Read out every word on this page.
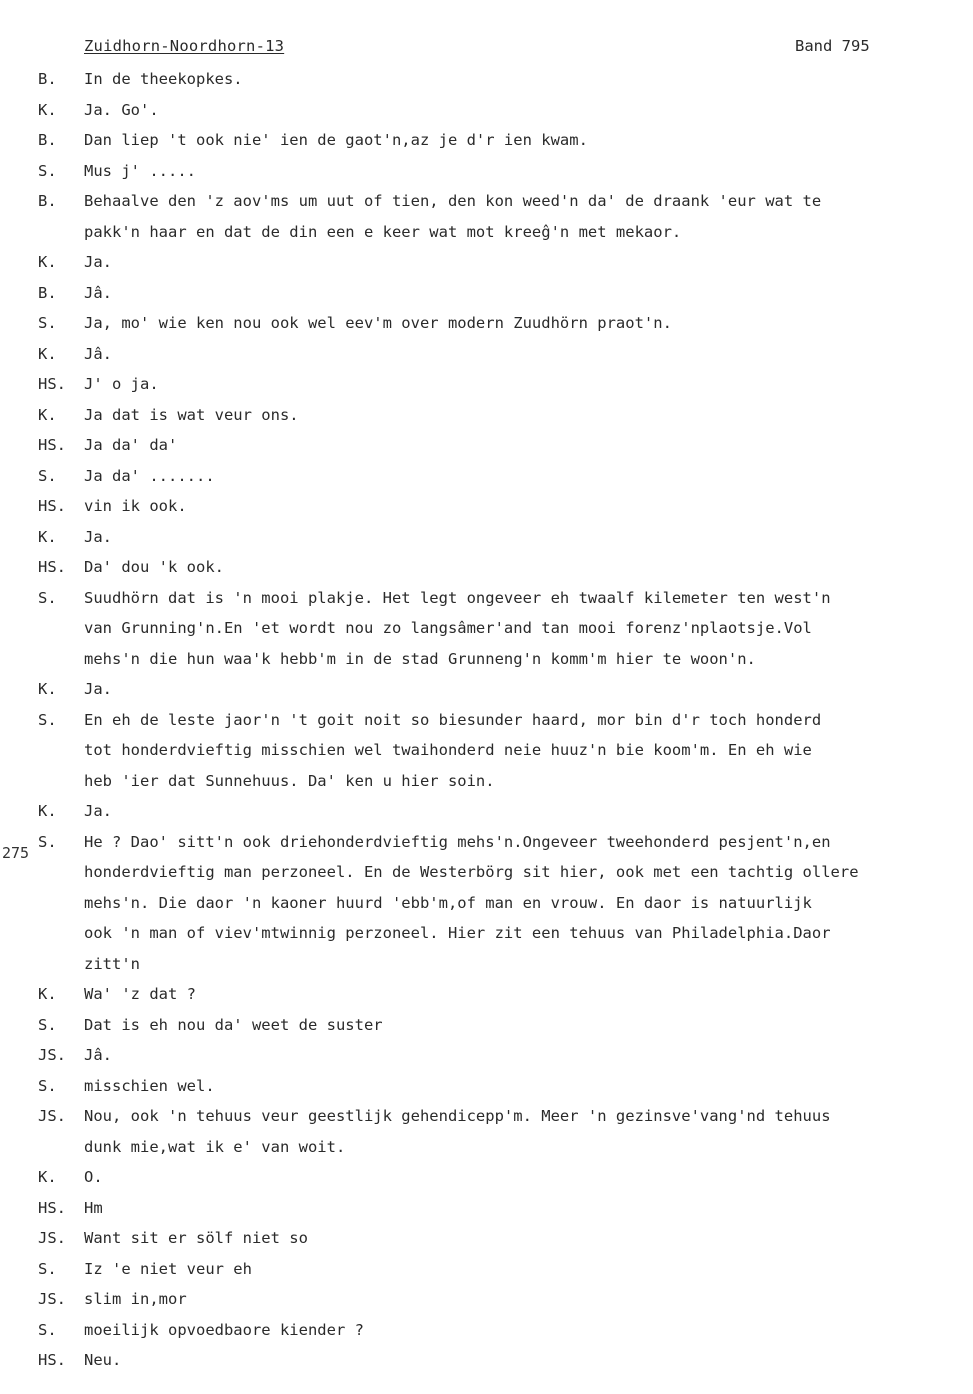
Zuidhorn-Noordhorn-13	Band 795
275
B. In de theekopkes.
K. Ja. Go'.
B. Dan liep 't ook nie' ien de gaot'n,az je d'r ien kwam.
S. Mus j' .....
B. Behaalve den 'z aov'ms um uut of tien, den kon weed'n da' de draank 'eur wat te
pakk'n haar en dat de din een e keer wat mot kreeĝ'n met mekaor.
K. Ja.
B. Jâ.
S. Ja, mo' wie ken nou ook wel eev'm over modern Zuudhörn praot'n.
K. Jâ.
HS. J' o ja.
K. Ja dat is wat veur ons.
HS. Ja da' da'
S. Ja da' .......
HS. vin ik ook.
K. Ja.
HS. Da' dou 'k ook.
S. Suudhörn dat is 'n mooi plakje. Het legt ongeveer eh twaalf kilemeter ten west'n
van Grunning'n.En 'et wordt nou zo langsâmer'and tan mooi forenz'nplaotsje.Vol
mehs'n die hun waa'k hebb'm in de stad Grunneng'n komm'm hier te woon'n.
K. Ja.
S. En eh de leste jaor'n 't goit noit so biesunder haard, mor bin d'r toch honderd
tot honderdvieftig misschien wel twaihonderd neie huuz'n bie koom'm. En eh wie
heb 'ier dat Sunnehuus. Da' ken u hier soin.
K. Ja.
S. He ? Dao' sitt'n ook driehonderdvieftig mehs'n.Ongeveer tweehonderd pesjent'n,en
honderdvieftig man perzoneel. En de Westerbörg sit hier, ook met een tachtig ollere
mehs'n. Die daor 'n kaoner huurd 'ebb'm,of man en vrouw. En daor is natuurlijk
ook 'n man of viev'mtwinnig perzoneel. Hier zit een tehuus van Philadelphia.Daor
zitt'n
K. Wa' 'z dat ?
S. Dat is eh nou da' weet de suster
JS. Jâ.
S. misschien wel.
JS. Nou, ook 'n tehuus veur geestlijk gehendicepp'm. Meer 'n gezinsve'vang'nd tehuus
dunk mie,wat ik e' van woit.
K. O.
HS. Hm
JS. Want sit er sölf niet so
S. Iz 'e niet veur eh
JS. slim in,mor
S. moeilijk opvoedbaore kiender ?
HS. Neu.
